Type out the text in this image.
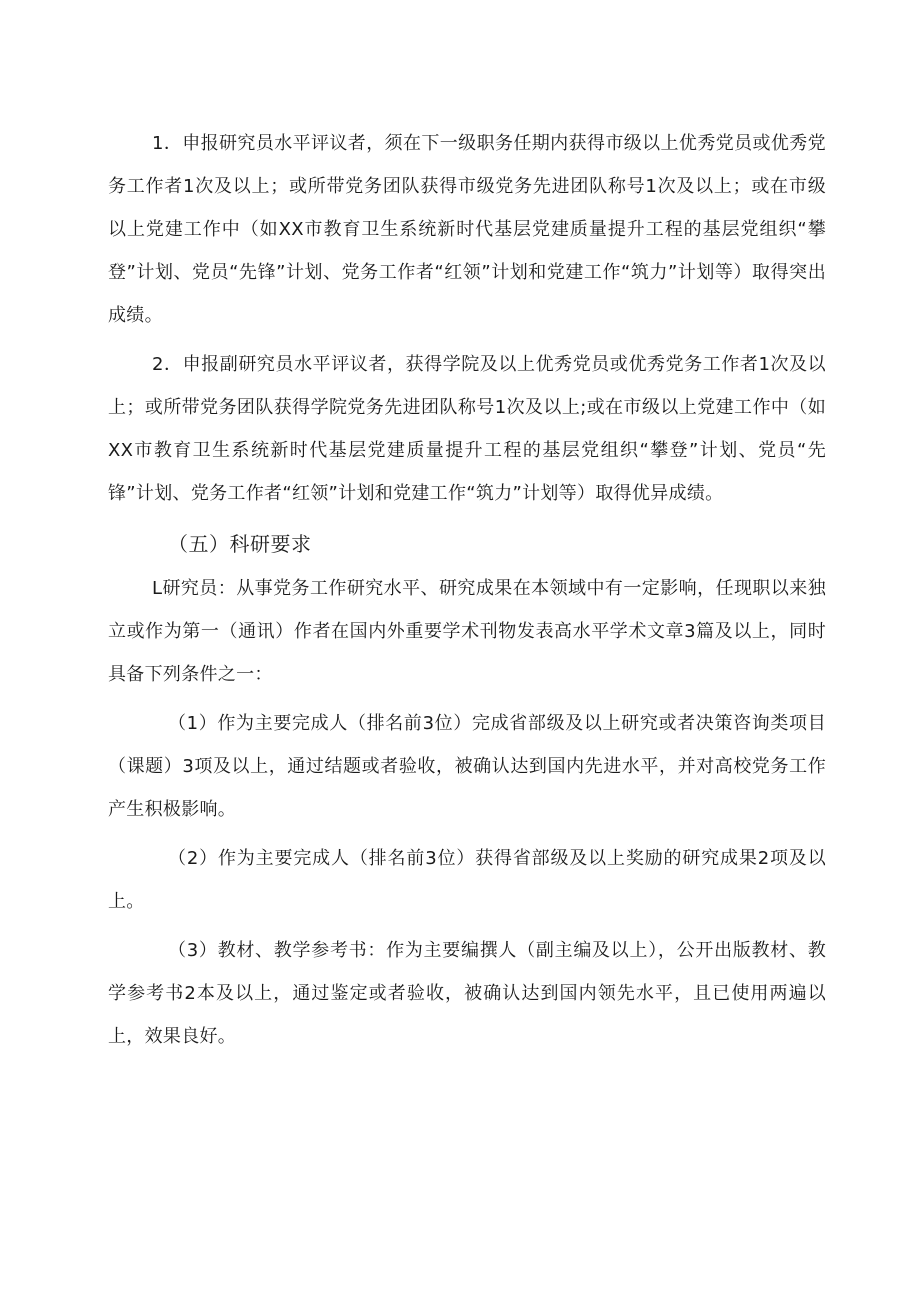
1．申报研究员水平评议者，须在下一级职务任期内获得市级以上优秀党员或优秀党务工作者1次及以上；或所带党务团队获得市级党务先进团队称号1次及以上；或在市级以上党建工作中（如XX市教育卫生系统新时代基层党建质量提升工程的基层党组织“攀登”计划、党员“先锋”计划、党务工作者“红领”计划和党建工作“筑力”计划等）取得突出成绩。

2．申报副研究员水平评议者，获得学院及以上优秀党员或优秀党务工作者1次及以上；或所带党务团队获得学院党务先进团队称号1次及以上;或在市级以上党建工作中（如XX市教育卫生系统新时代基层党建质量提升工程的基层党组织“攀登”计划、党员“先锋”计划、党务工作者“红领”计划和党建工作“筑力”计划等）取得优异成绩。

（五）科研要求

L研究员：从事党务工作研究水平、研究成果在本领域中有一定影响，任现职以来独立或作为第一（通讯）作者在国内外重要学术刊物发表高水平学术文章3篇及以上，同时具备下列条件之一：

（1）作为主要完成人（排名前3位）完成省部级及以上研究或者决策咨询类项目（课题）3项及以上，通过结题或者验收，被确认达到国内先进水平，并对高校党务工作产生积极影响。

（2）作为主要完成人（排名前3位）获得省部级及以上奖励的研究成果2项及以上。

（3）教材、教学参考书：作为主要编撰人（副主编及以上），公开出版教材、教学参考书2本及以上，通过鉴定或者验收，被确认达到国内领先水平，且已使用两遍以上，效果良好。
